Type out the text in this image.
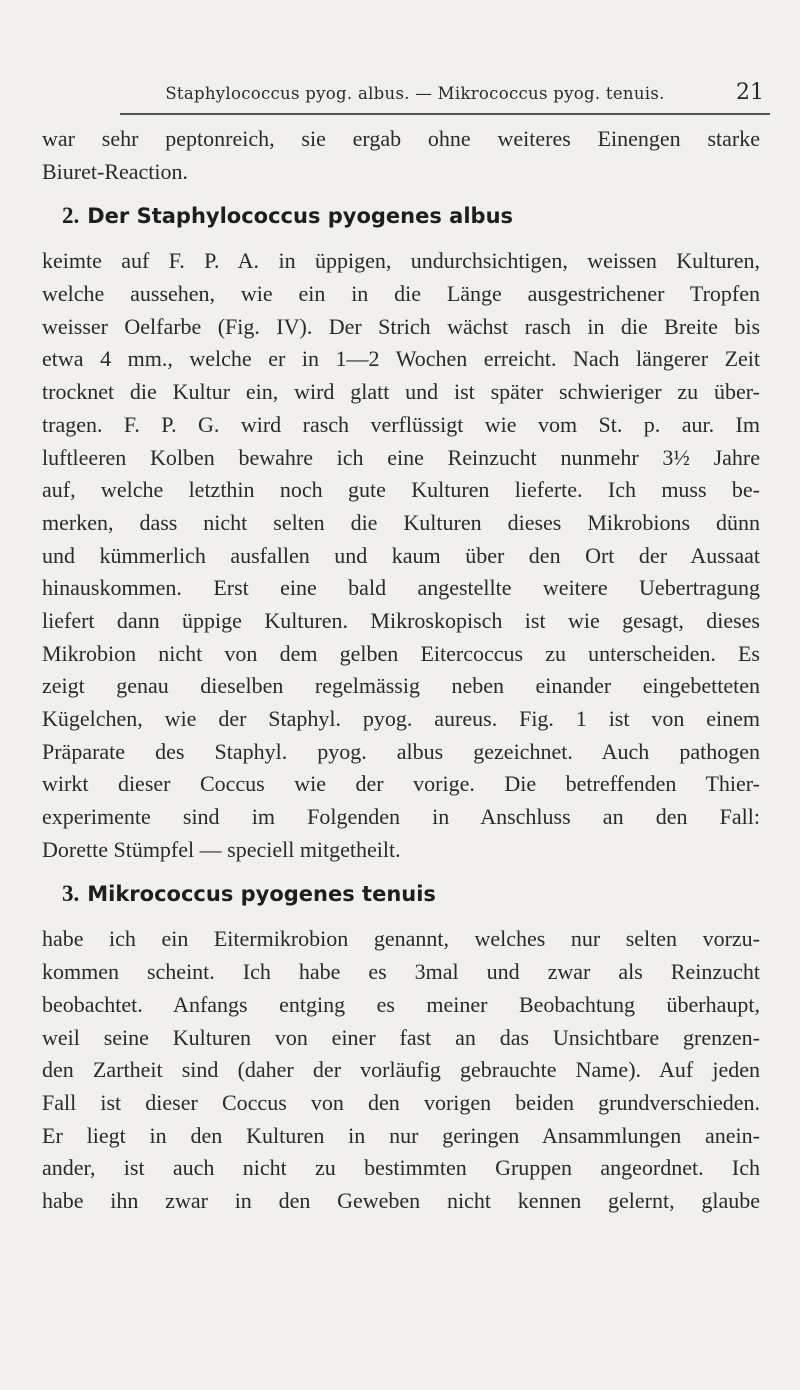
Staphylococcus pyog. albus. — Mikrococcus pyog. tenuis.	21
war sehr peptonreich, sie ergab ohne weiteres Einengen starke
Biuret-Reaction.
2. Der Staphylococcus pyogenes albus
keimte auf F. P. A. in üppigen, undurchsichtigen, weissen Kulturen,
welche aussehen, wie ein in die Länge ausgestrichener Tropfen
weisser Oelfarbe (Fig. IV). Der Strich wächst rasch in die Breite bis
etwa 4 mm., welche er in 1—2 Wochen erreicht. Nach längerer Zeit
trocknet die Kultur ein, wird glatt und ist später schwieriger zu über-
tragen. F. P. G. wird rasch verflüssigt wie vom St. p. aur. Im
luftleeren Kolben bewahre ich eine Reinzucht nunmehr 3½ Jahre
auf, welche letzthin noch gute Kulturen lieferte. Ich muss be-
merken, dass nicht selten die Kulturen dieses Mikrobions dünn
und kümmerlich ausfallen und kaum über den Ort der Aussaat
hinauskommen. Erst eine bald angestellte weitere Uebertragung
liefert dann üppige Kulturen. Mikroskopisch ist wie gesagt, dieses
Mikrobion nicht von dem gelben Eitercoccus zu unterscheiden. Es
zeigt genau dieselben regelmässig neben einander eingebetteten
Kügelchen, wie der Staphyl. pyog. aureus. Fig. 1 ist von einem
Präparate des Staphyl. pyog. albus gezeichnet. Auch pathogen
wirkt dieser Coccus wie der vorige. Die betreffenden Thier-
experimente sind im Folgenden in Anschluss an den Fall:
Dorette Stümpfel — speciell mitgetheilt.
3. Mikrococcus pyogenes tenuis
habe ich ein Eitermikrobion genannt, welches nur selten vorzu-
kommen scheint. Ich habe es 3mal und zwar als Reinzucht
beobachtet. Anfangs entging es meiner Beobachtung überhaupt,
weil seine Kulturen von einer fast an das Unsichtbare grenzen-
den Zartheit sind (daher der vorläufig gebrauchte Name). Auf jeden
Fall ist dieser Coccus von den vorigen beiden grundverschieden.
Er liegt in den Kulturen in nur geringen Ansammlungen anein-
ander, ist auch nicht zu bestimmten Gruppen angeordnet. Ich
habe ihn zwar in den Geweben nicht kennen gelernt, glaube
